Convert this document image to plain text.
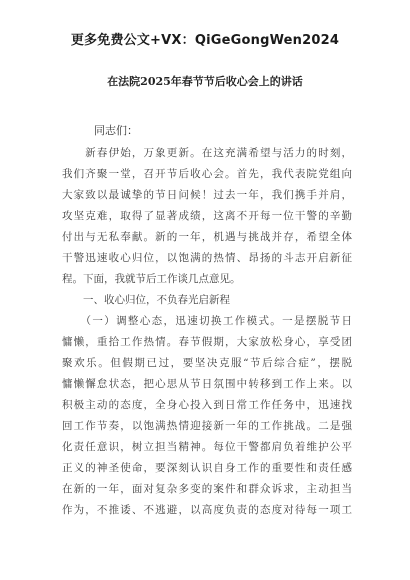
更多免费公文+VX：QiGeGongWen2024
在法院2025年春节节后收心会上的讲话
同志们：
　　新春伊始，万象更新。在这充满希望与活力的时刻，
我们齐聚一堂，召开节后收心会。首先，我代表院党组向
大家致以最诚挚的节日问候！过去一年，我们携手并肩，
攻坚克难，取得了显著成绩，这离不开每一位干警的辛勤
付出与无私奉献。新的一年，机遇与挑战并存，希望全体
干警迅速收心归位，以饱满的热情、昂扬的斗志开启新征
程。下面，我就节后工作谈几点意见。
　　一、收心归位，不负春光启新程
　　（一）调整心态，迅速切换工作模式。一是摆脱节日
慵懒，重拾工作热情。春节假期，大家放松身心，享受团
聚欢乐。但假期已过，要坚决克服“节后综合症”，摆脱
慵懒懈怠状态，把心思从节日氛围中转移到工作上来。以
积极主动的态度，全身心投入到日常工作任务中，迅速找
回工作节奏，以饱满热情迎接新一年的工作挑战。二是强
化责任意识，树立担当精神。每位干警都肩负着维护公平
正义的神圣使命，要深刻认识自身工作的重要性和责任感
在新的一年，面对复杂多变的案件和群众诉求，主动担当
作为，不推诿、不逃避，以高度负责的态度对待每一项工
